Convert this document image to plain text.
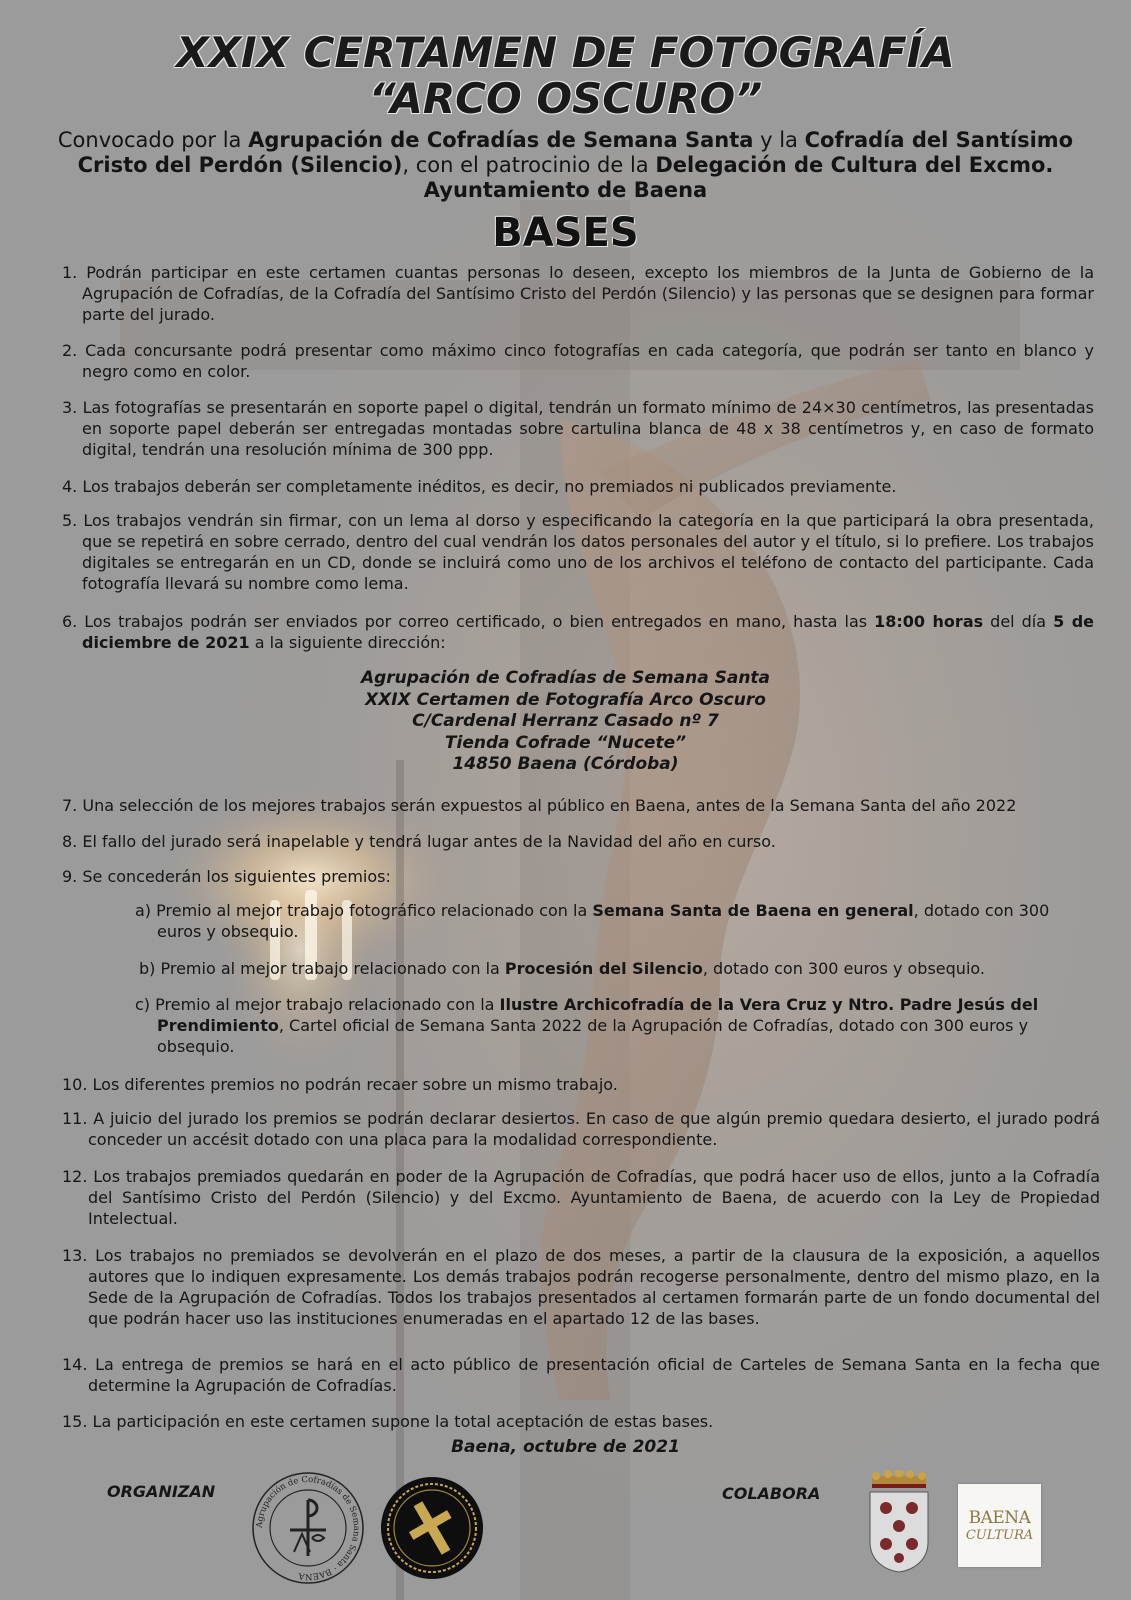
XXIX CERTAMEN DE FOTOGRAFÍA
“ARCO OSCURO”
Convocado por la Agrupación de Cofradías de Semana Santa y la Cofradía del Santísimo Cristo del Perdón (Silencio), con el patrocinio de la Delegación de Cultura del Excmo. Ayuntamiento de Baena
BASES
1. Podrán participar en este certamen cuantas personas lo deseen, excepto los miembros de la Junta de Gobierno de la Agrupación de Cofradías, de la Cofradía del Santísimo Cristo del Perdón (Silencio) y las personas que se designen para formar parte del jurado.
2. Cada concursante podrá presentar como máximo cinco fotografías en cada categoría, que podrán ser tanto en blanco y negro como en color.
3. Las fotografías se presentarán en soporte papel o digital, tendrán un formato mínimo de 24×30 centímetros, las presentadas en soporte papel deberán ser entregadas montadas sobre cartulina blanca de 48 x 38 centímetros y, en caso de formato digital, tendrán una resolución mínima de 300 ppp.
4. Los trabajos deberán ser completamente inéditos, es decir, no premiados ni publicados previamente.
5. Los trabajos vendrán sin firmar, con un lema al dorso y especificando la categoría en la que participará la obra presentada, que se repetirá en sobre cerrado, dentro del cual vendrán los datos personales del autor y el título, si lo prefiere. Los trabajos digitales se entregarán en un CD, donde se incluirá como uno de los archivos el teléfono de contacto del participante. Cada fotografía llevará su nombre como lema.
6. Los trabajos podrán ser enviados por correo certificado, o bien entregados en mano, hasta las 18:00 horas del día 5 de diciembre de 2021 a la siguiente dirección:
Agrupación de Cofradías de Semana Santa
XXIX Certamen de Fotografía Arco Oscuro
C/Cardenal Herranz Casado nº 7
Tienda Cofrade “Nucete”
14850 Baena (Córdoba)
7. Una selección de los mejores trabajos serán expuestos al público en Baena, antes de la Semana Santa del año 2022
8. El fallo del jurado será inapelable y tendrá lugar antes de la Navidad del año en curso.
9. Se concederán los siguientes premios:
a) Premio al mejor trabajo fotográfico relacionado con la Semana Santa de Baena en general, dotado con 300 euros y obsequio.
b) Premio al mejor trabajo relacionado con la Procesión del Silencio, dotado con 300 euros y obsequio.
c) Premio al mejor trabajo relacionado con la Ilustre Archicofradía de la Vera Cruz y Ntro. Padre Jesús del Prendimiento, Cartel oficial de Semana Santa 2022 de la Agrupación de Cofradías, dotado con 300 euros y obsequio.
10. Los diferentes premios no podrán recaer sobre un mismo trabajo.
11. A juicio del jurado los premios se podrán declarar desiertos. En caso de que algún premio quedara desierto, el jurado podrá conceder un accésit dotado con una placa para la modalidad correspondiente.
12. Los trabajos premiados quedarán en poder de la Agrupación de Cofradías, que podrá hacer uso de ellos, junto a la Cofradía del Santísimo Cristo del Perdón (Silencio) y del Excmo. Ayuntamiento de Baena, de acuerdo con la Ley de Propiedad Intelectual.
13. Los trabajos no premiados se devolverán en el plazo de dos meses, a partir de la clausura de la exposición, a aquellos autores que lo indiquen expresamente. Los demás trabajos podrán recogerse personalmente, dentro del mismo plazo, en la Sede de la Agrupación de Cofradías. Todos los trabajos presentados al certamen formarán parte de un fondo documental del que podrán hacer uso las instituciones enumeradas en el apartado 12 de las bases.
14. La entrega de premios se hará en el acto público de presentación oficial de Carteles de Semana Santa en la fecha que determine la Agrupación de Cofradías.
15. La participación en este certamen supone la total aceptación de estas bases.
Baena, octubre de 2021
ORGANIZAN	COLABORA
Agrupación de Cofradías de Semana Santa · BAENA
BAENA
CULTURA
